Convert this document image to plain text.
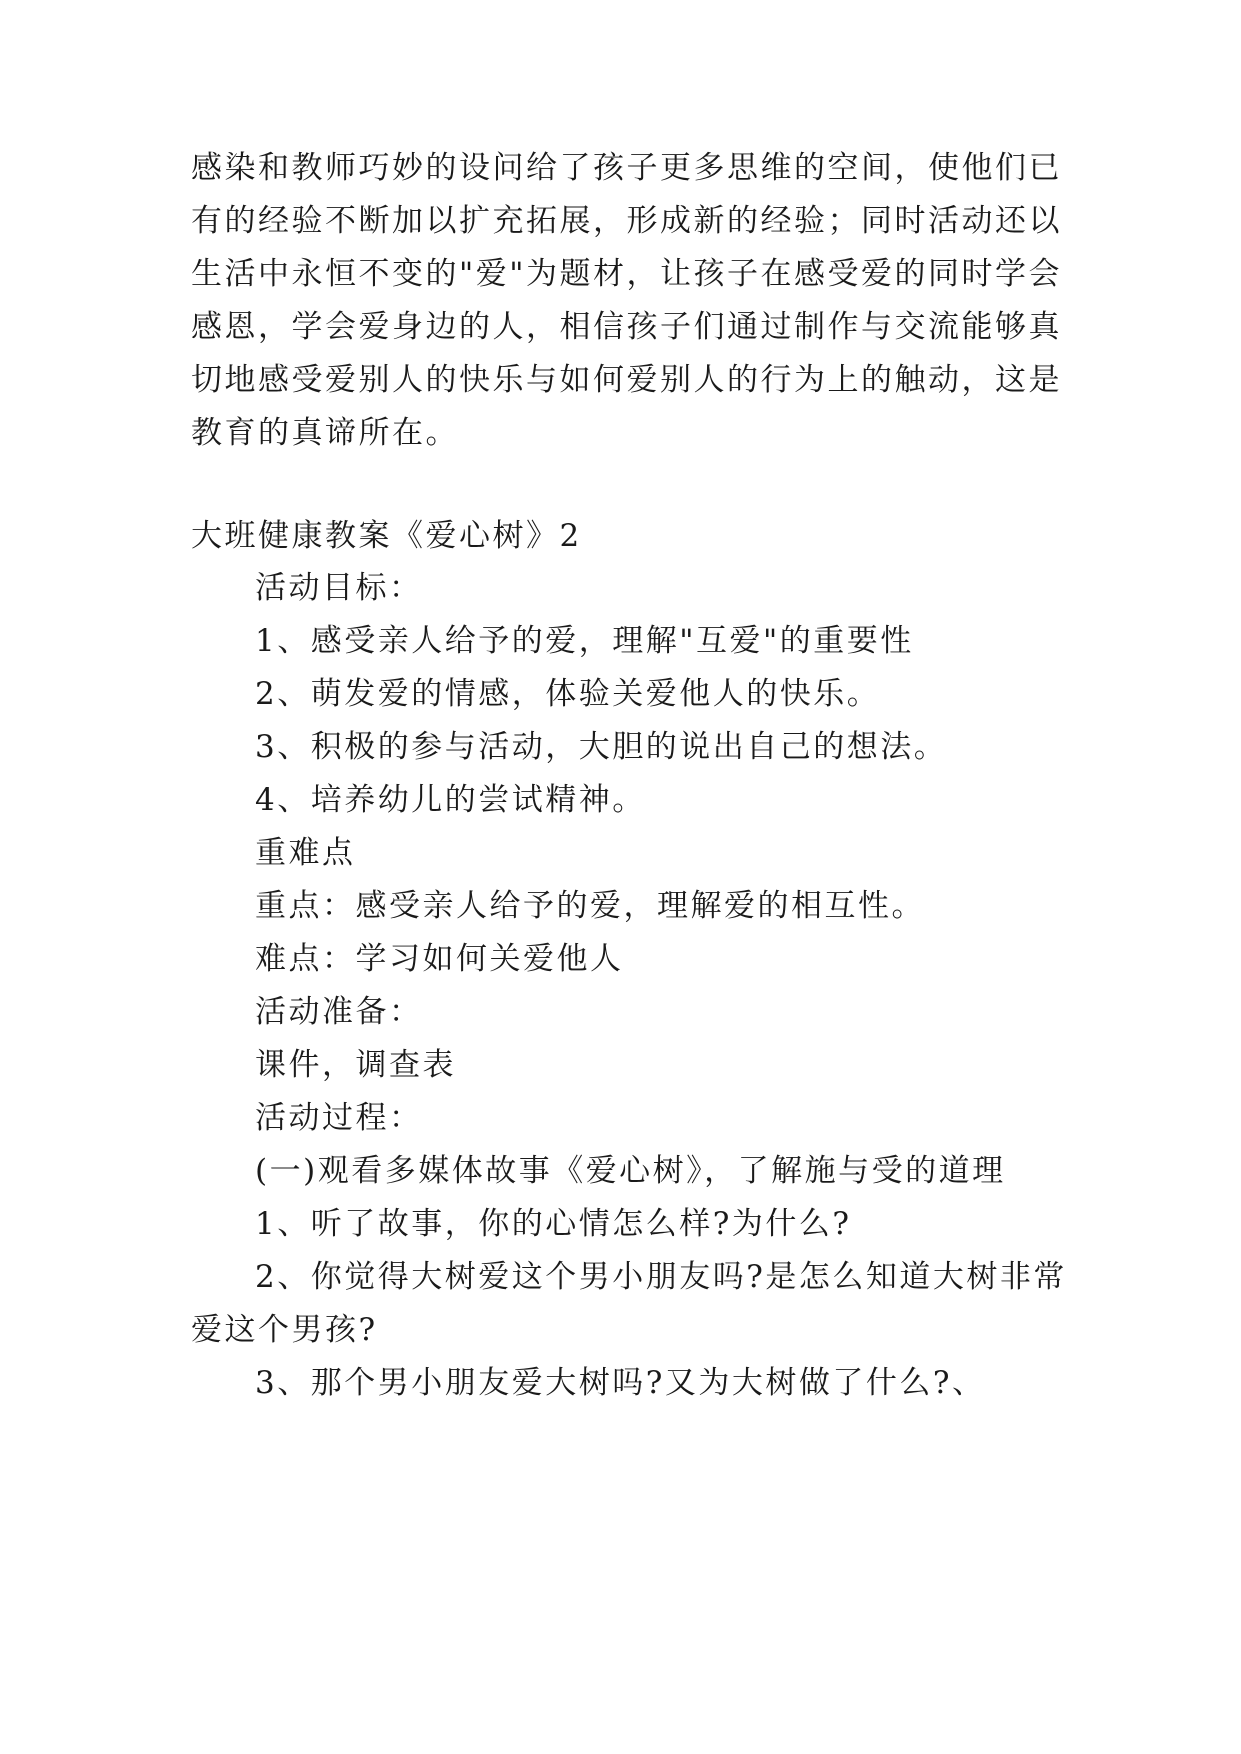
感染和教师巧妙的设问给了孩子更多思维的空间，使他们已
有的经验不断加以扩充拓展，形成新的经验；同时活动还以
生活中永恒不变的"爱"为题材，让孩子在感受爱的同时学会
感恩，学会爱身边的人，相信孩子们通过制作与交流能够真
切地感受爱别人的快乐与如何爱别人的行为上的触动，这是
教育的真谛所在。
大班健康教案《爱心树》2
活动目标：
1、感受亲人给予的爱，理解"互爱"的重要性
2、萌发爱的情感，体验关爱他人的快乐。
3、积极的参与活动，大胆的说出自己的想法。
4、培养幼儿的尝试精神。
重难点
重点：感受亲人给予的爱，理解爱的相互性。
难点：学习如何关爱他人
活动准备：
课件，调查表
活动过程：
(一)观看多媒体故事《爱心树》，了解施与受的道理
1、听了故事，你的心情怎么样?为什么?
2、你觉得大树爱这个男小朋友吗?是怎么知道大树非常
爱这个男孩?
3、那个男小朋友爱大树吗?又为大树做了什么?、
